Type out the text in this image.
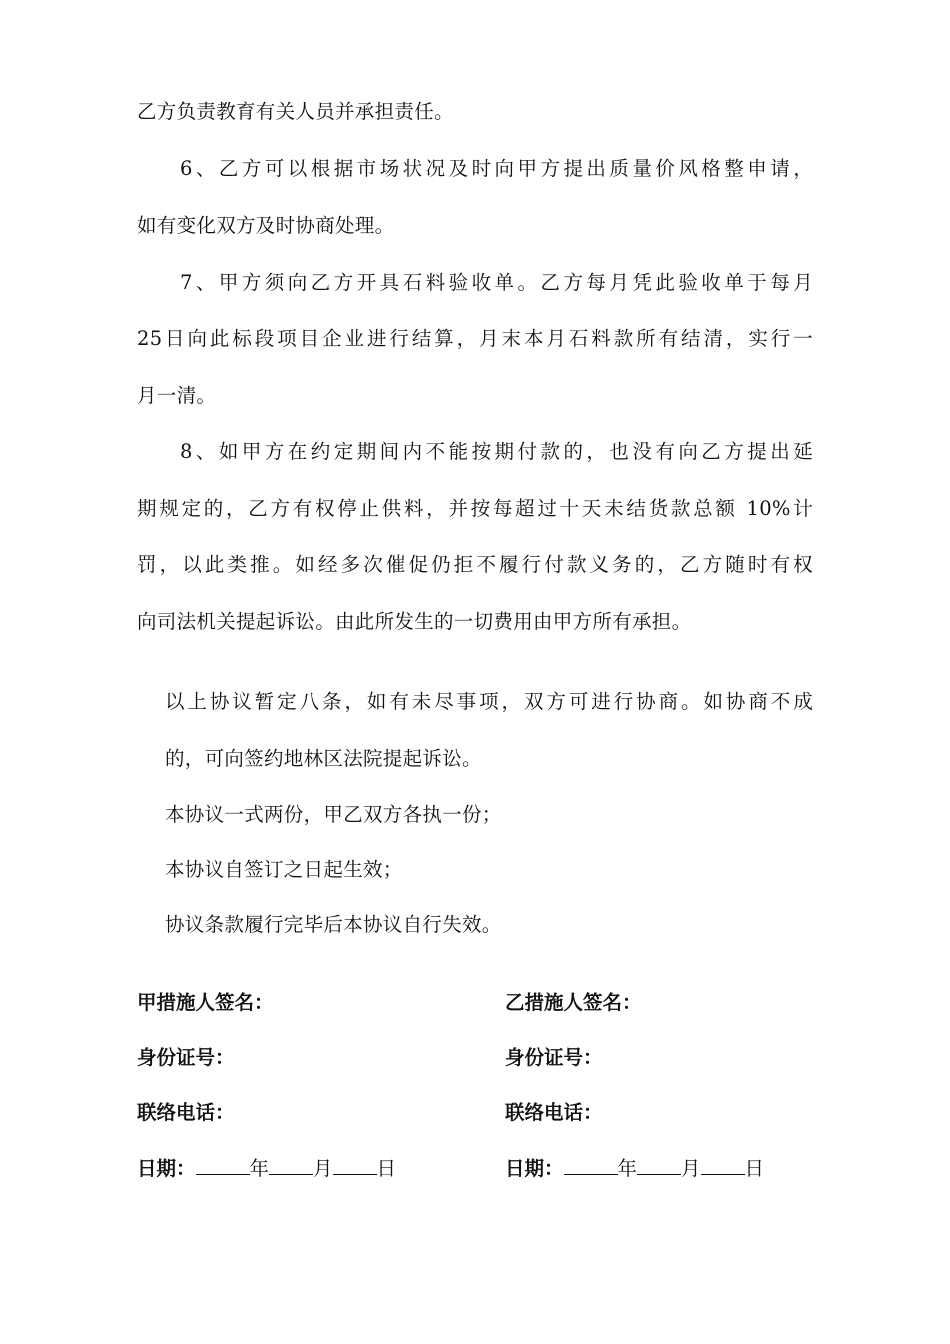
乙方负责教育有关人员并承担责任。
6、乙方可以根据市场状况及时向甲方提出质量价风格整申请，
如有变化双方及时协商处理。
7、甲方须向乙方开具石料验收单。乙方每月凭此验收单于每月
25日向此标段项目企业进行结算，月末本月石料款所有结清，实行一
月一清。
8、如甲方在约定期间内不能按期付款的，也没有向乙方提出延
期规定的，乙方有权停止供料，并按每超过十天未结货款总额 10%计
罚，以此类推。如经多次催促仍拒不履行付款义务的，乙方随时有权
向司法机关提起诉讼。由此所发生的一切费用由甲方所有承担。
以上协议暂定八条，如有未尽事项，双方可进行协商。如协商不成
的，可向签约地林区法院提起诉讼。
本协议一式两份，甲乙双方各执一份；
本协议自签订之日起生效；
协议条款履行完毕后本协议自行失效。
甲措施人签名：
身份证号：
联络电话：
日期：	年 月 日
乙措施人签名：
身份证号：
联络电话：
日期：	年 月 日
